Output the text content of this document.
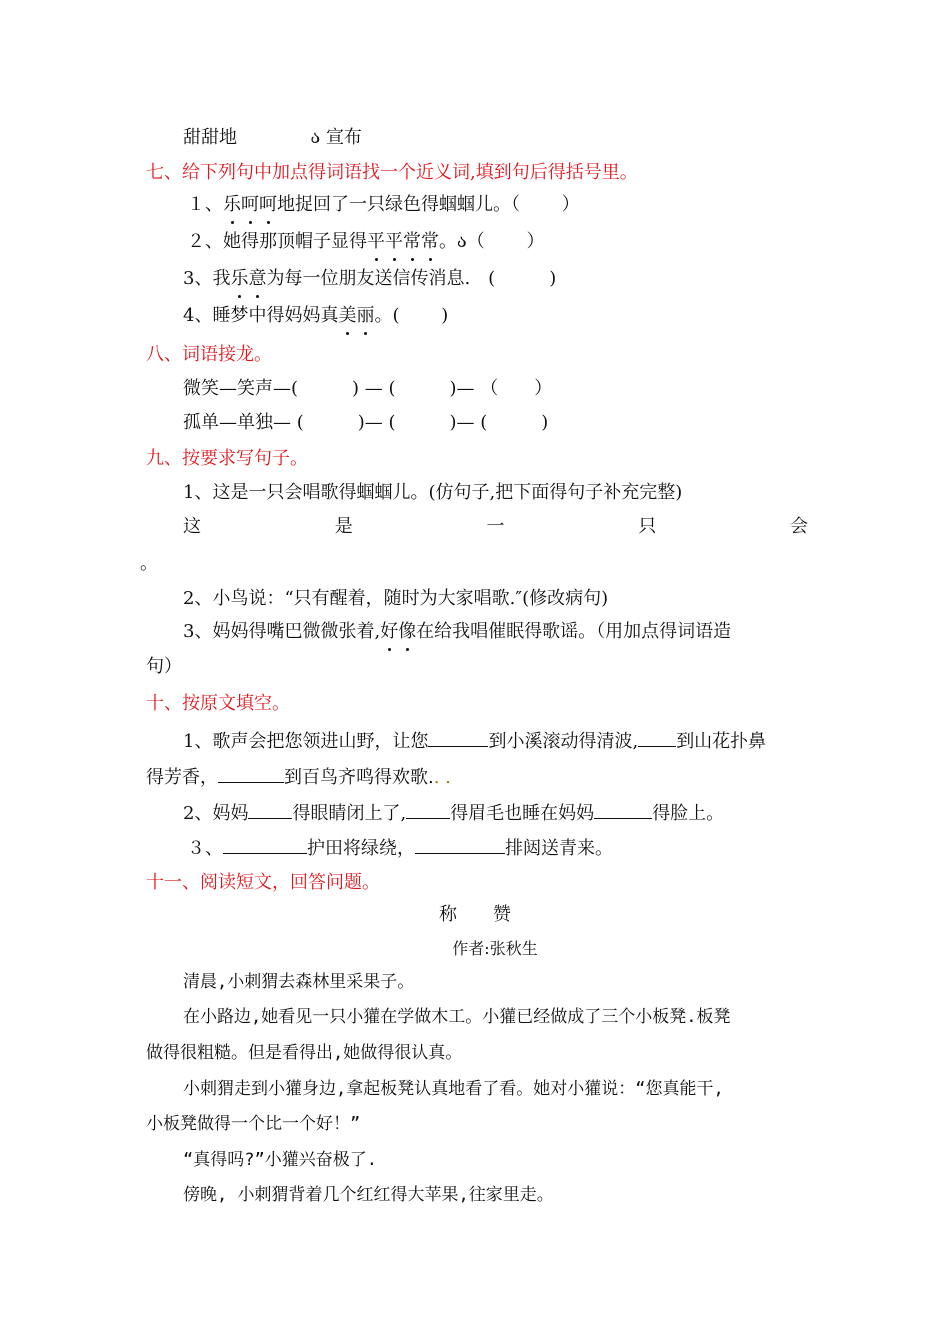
甜甜地	ა 宣布
七、给下列句中加点得词语找一个近义词,填到句后得括号里。
１、乐呵呵地捉回了一只绿色得蝈蝈儿。（　　 ）
２、她得那顶帽子显得平平常常。ა（　　 ）
3、我乐意为每一位朋友送信传消息.　(　　　)
4、睡梦中得妈妈真美丽。(　　 )
八、词语接龙。
微笑—笑声—(　　　) — (　　　)— （　　）
孤单—单独— (　　　)— (　　　)— (　　　)
九、按要求写句子。
1、这是一只会唱歌得蝈蝈儿。(仿句子,把下面得句子补充完整)
这	是	一	只	会
。
2、小鸟说：“只有醒着，随时为大家唱歌.″(修改病句)
3、妈妈得嘴巴微微张着,好像在给我唱催眠得歌谣。（用加点得词语造
句）
十、按原文填空。
1、歌声会把您领进山野，让您	到小溪滚动得清波, 到山花扑鼻
得芳香，	到百鸟齐鸣得欢歌.. .
2、妈妈 得眼睛闭上了, 得眉毛也睡在妈妈	得脸上。
３、	护田将绿绕，	排闼送青来。
十一、阅读短文，回答问题。
称　　赞
作者:张秋生
清晨,小刺猬去森林里采果子。
在小路边,她看见一只小獾在学做木工。小獾已经做成了三个小板凳.板凳
做得很粗糙。但是看得出,她做得很认真。
小刺猬走到小獾身边,拿起板凳认真地看了看。她对小獾说：“您真能干,
小板凳做得一个比一个好！”
“真得吗?”小獾兴奋极了.
傍晚, 小刺猬背着几个红红得大苹果,往家里走。
